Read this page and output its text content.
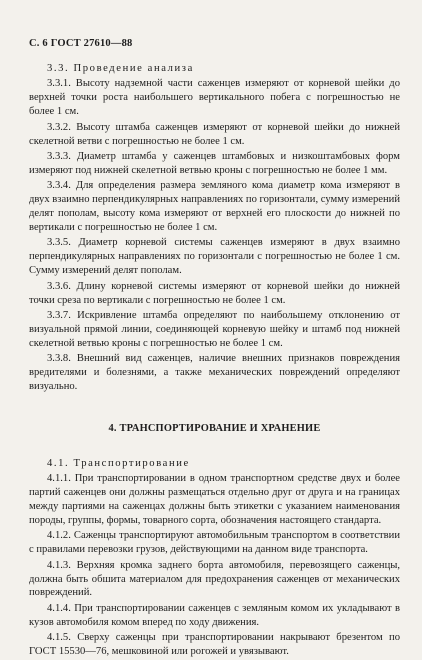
С. 6 ГОСТ 27610—88

3.3. Проведение анализа

3.3.1. Высоту надземной части саженцев измеряют от корневой шейки до верхней точки роста наибольшего вертикального побега с погрешностью не более 1 см.

3.3.2. Высоту штамба саженцев измеряют от корневой шейки до нижней скелетной ветви с погрешностью не более 1 см.

3.3.3. Диаметр штамба у саженцев штамбовых и низкоштамбовых форм измеряют под нижней скелетной ветвью кроны с погрешностью не более 1 мм.

3.3.4. Для определения размера земляного кома диаметр кома измеряют в двух взаимно перпендикулярных направлениях по горизонтали, сумму измерений делят пополам, высоту кома измеряют от верхней его плоскости до нижней по вертикали с погрешностью не более 1 см.

3.3.5. Диаметр корневой системы саженцев измеряют в двух взаимно перпендикулярных направлениях по горизонтали с погрешностью не более 1 см. Сумму измерений делят пополам.

3.3.6. Длину корневой системы измеряют от корневой шейки до нижней точки среза по вертикали с погрешностью не более 1 см.

3.3.7. Искривление штамба определяют по наибольшему отклонению от визуальной прямой линии, соединяющей корневую шейку и штамб под нижней скелетной ветвью кроны с погрешностью не более 1 см.

3.3.8. Внешний вид саженцев, наличие внешних признаков повреждения вредителями и болезнями, а также механических повреждений определяют визуально.

4. ТРАНСПОРТИРОВАНИЕ И ХРАНЕНИЕ

4.1. Транспортирование

4.1.1. При транспортировании в одном транспортном средстве двух и более партий саженцев они должны размещаться отдельно друг от друга и на границах между партиями на саженцах должны быть этикетки с указанием наименования породы, группы, формы, товарного сорта, обозначения настоящего стандарта.

4.1.2. Саженцы транспортируют автомобильным транспортом в соответствии с правилами перевозки грузов, действующими на данном виде транспорта.

4.1.3. Верхняя кромка заднего борта автомобиля, перевозящего саженцы, должна быть обшита материалом для предохранения саженцев от механических повреждений.

4.1.4. При транспортировании саженцев с земляным комом их укладывают в кузов автомобиля комом вперед по ходу движения.

4.1.5. Сверху саженцы при транспортировании накрывают брезентом по ГОСТ 15530—76, мешковиной или рогожей и увязывают.
